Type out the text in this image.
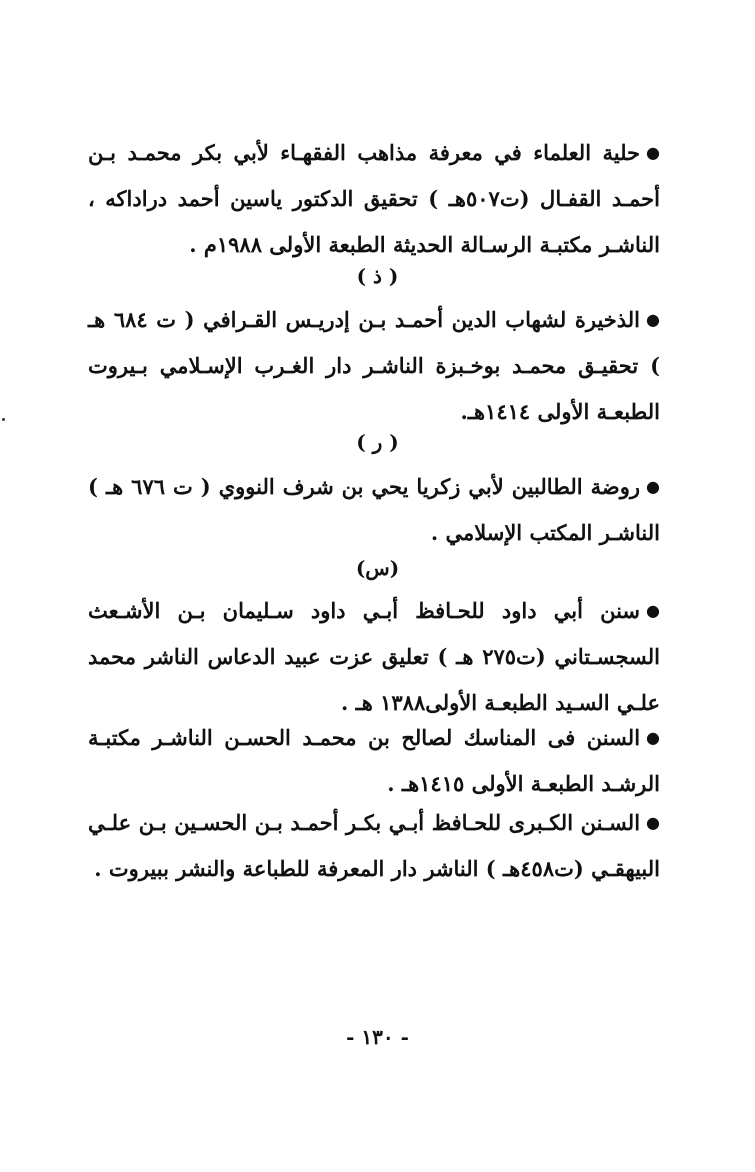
●حلية العلماء في معرفة مذاهب الفقهـاء لأبي بكر محمـد بـن أحمـد القفـال (ت٥٠٧هـ ) تحقيق الدكتور ياسين أحمد دراداكه ، الناشـر مكتبـة الرسـالة الحديثة الطبعة الأولى ١٩٨٨م .
( ذ )
●الذخيرة لشهاب الدين أحمـد بـن إدريـس القـرافي ( ت ٦٨٤ هـ ) تحقيـق محمـد بوخـبزة الناشـر دار الغـرب الإسـلامي بـيروت الطبعـة الأولى ١٤١٤هـ.
( ر )
●روضة الطالبين لأبي زكريا يحي بن شرف النووي ( ت ٦٧٦ هـ ) الناشـر المكتب الإسلامي .
(س)
●سنن أبي داود للحـافظ أبـي داود سـليمان بـن الأشـعث السجسـتاني (ت٢٧٥ هـ ) تعليق عزت عبيد الدعاس الناشر محمد علـي السـيد الطبعـة الأولى١٣٨٨ هـ .
●السنن فى المناسك لصالح بن محمـد الحسـن الناشـر مكتبـة الرشـد الطبعـة الأولى ١٤١٥هـ .
●السـنن الكـبرى للحـافظ أبـي بكـر أحمـد بـن الحسـين بـن علـي البيهقـي (ت٤٥٨هـ ) الناشر دار المعرفة للطباعة والنشر ببيروت .
- ١٣٠ -
